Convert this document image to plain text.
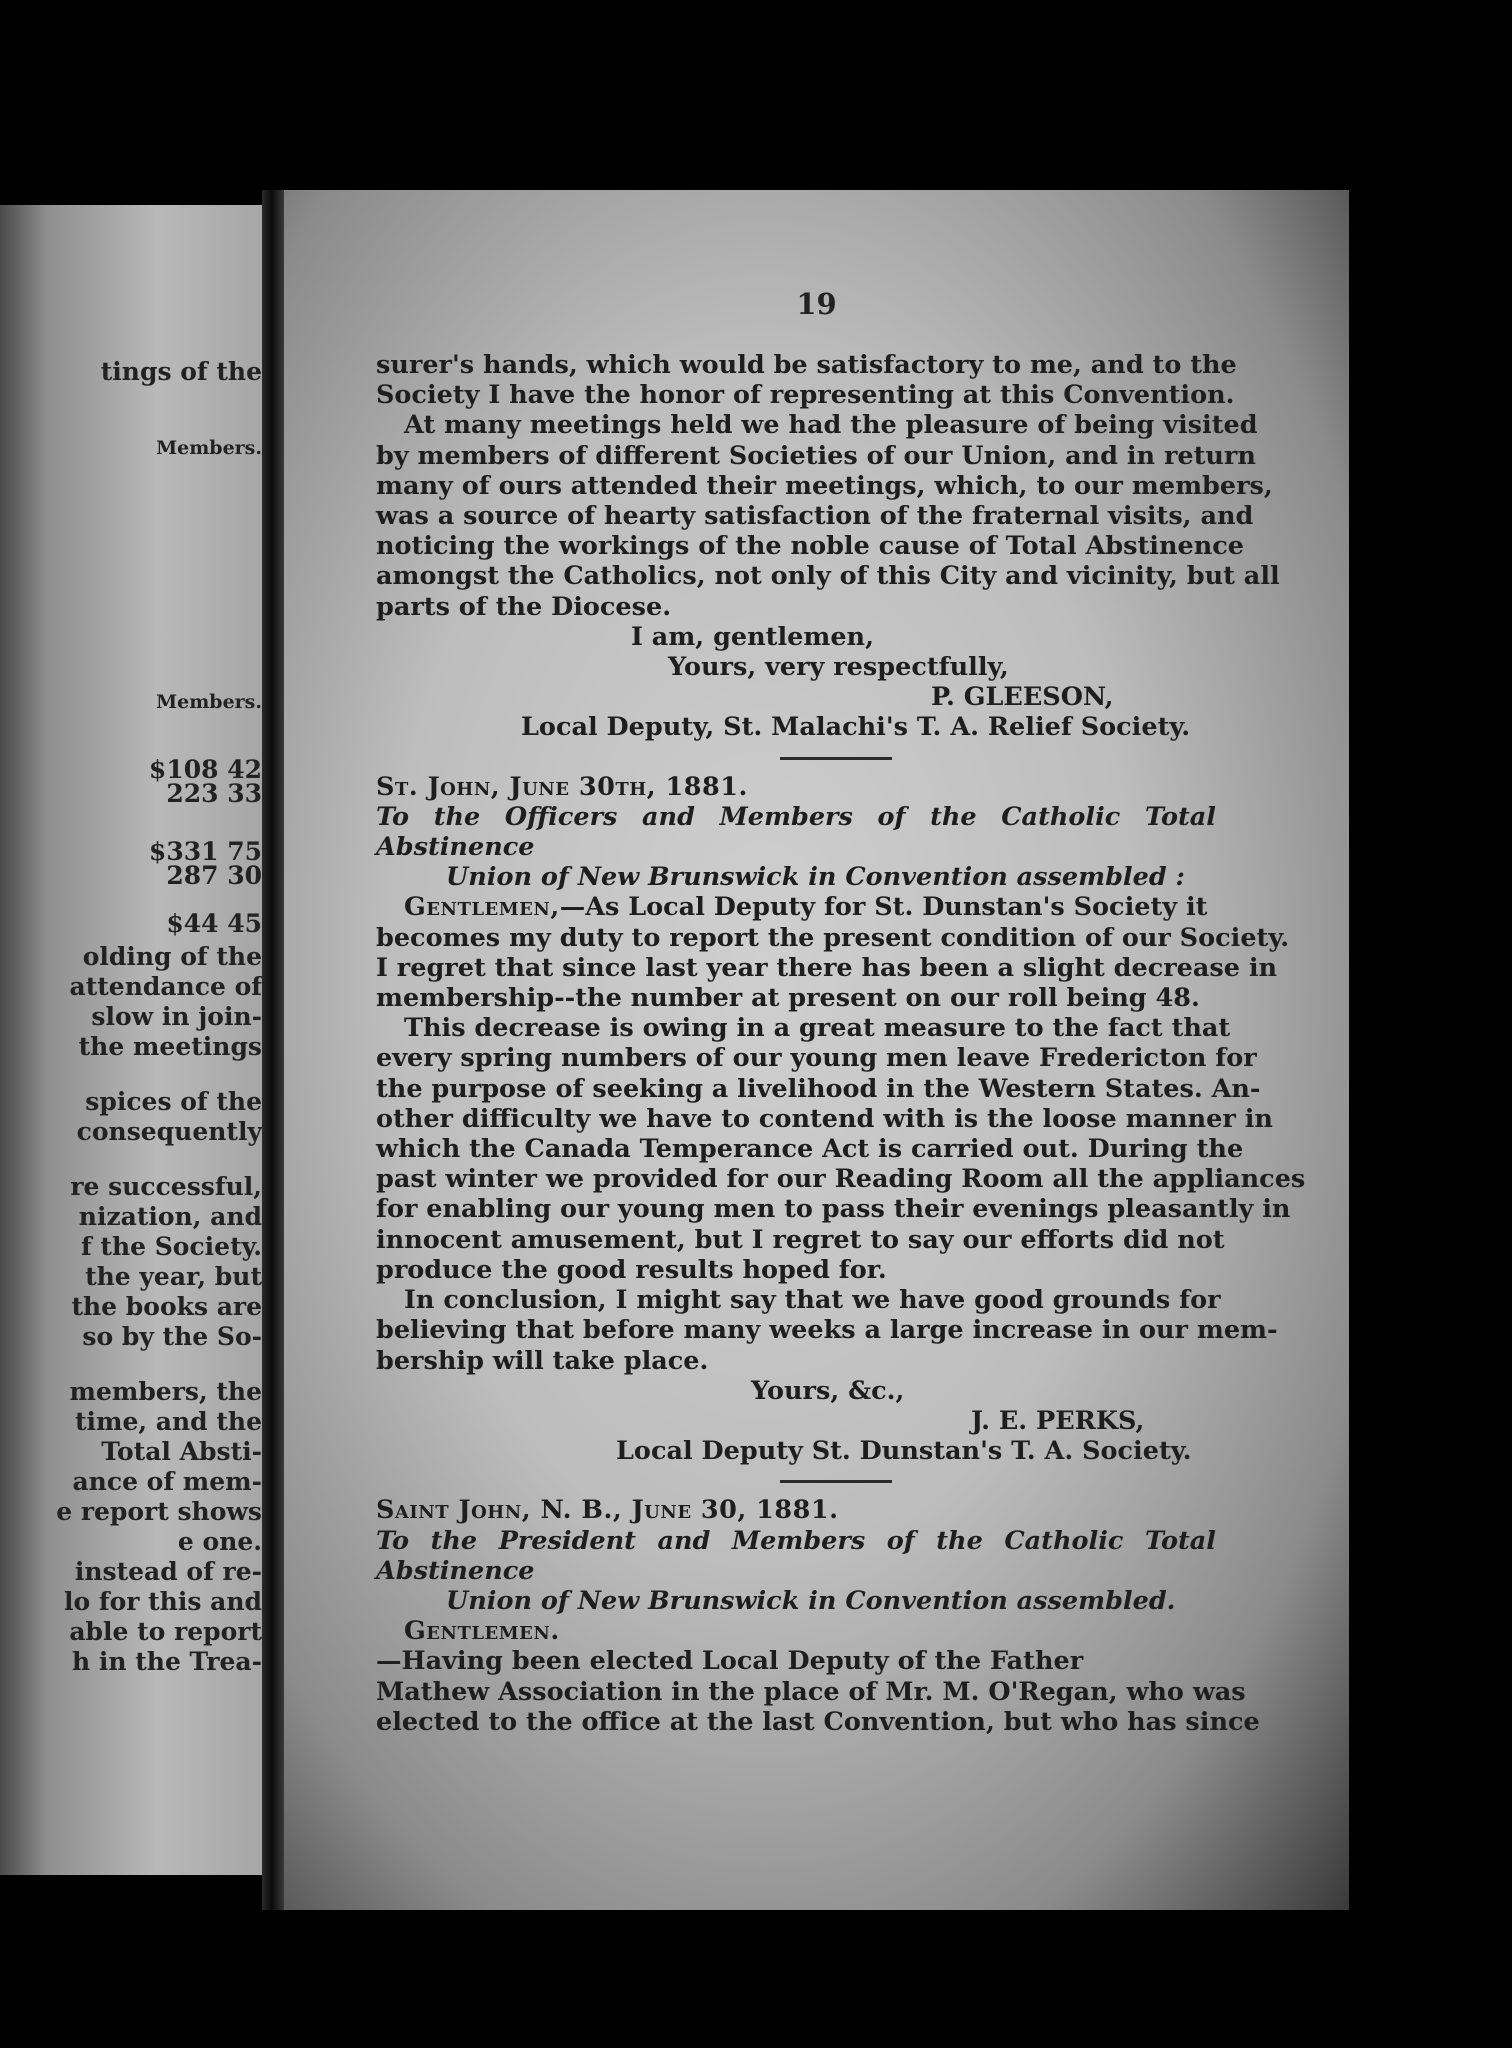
tings of the
Members.
Members.
$108 42
223 33
$331 75
287 30
$44 45
olding of the
attendance of
slow in join-
the meetings
spices of the
consequently
re successful,
nization, and
f the Society.
the year, but
the books are
so by the So-
members, the
time, and the
Total Absti-
ance of mem-
e report shows
e one.
instead of re-
lo for this and
able to report
h in the Trea-
19

surer's hands, which would be satisfactory to me, and to the
Society I have the honor of representing at this Convention.

At many meetings held we had the pleasure of being visited
by members of different Societies of our Union, and in return
many of ours attended their meetings, which, to our members,
was a source of hearty satisfaction of the fraternal visits, and
noticing the workings of the noble cause of Total Abstinence
amongst the Catholics, not only of this City and vicinity, but all
parts of the Diocese.

I am, gentlemen,

Yours, very respectfully,

P. GLEESON,

Local Deputy, St. Malachi's T. A. Relief Society.

St. John, June 30th, 1881.

To the Officers and Members of the Catholic Total Abstinence
Union of New Brunswick in Convention assembled :

Gentlemen,—As Local Deputy for St. Dunstan's Society it
becomes my duty to report the present condition of our Society.
I regret that since last year there has been a slight decrease in
membership--the number at present on our roll being 48.

This decrease is owing in a great measure to the fact that
every spring numbers of our young men leave Fredericton for
the purpose of seeking a livelihood in the Western States. An-
other difficulty we have to contend with is the loose manner in
which the Canada Temperance Act is carried out. During the
past winter we provided for our Reading Room all the appliances
for enabling our young men to pass their evenings pleasantly in
innocent amusement, but I regret to say our efforts did not
produce the good results hoped for.

In conclusion, I might say that we have good grounds for
believing that before many weeks a large increase in our mem-
bership will take place.

Yours, &c.,

J. E. PERKS,

Local Deputy St. Dunstan's T. A. Society.

Saint John, N. B., June 30, 1881.

To the President and Members of the Catholic Total Abstinence
Union of New Brunswick in Convention assembled.

Gentlemen.—Having been elected Local Deputy of the Father
Mathew Association in the place of Mr. M. O'Regan, who was
elected to the office at the last Convention, but who has since
